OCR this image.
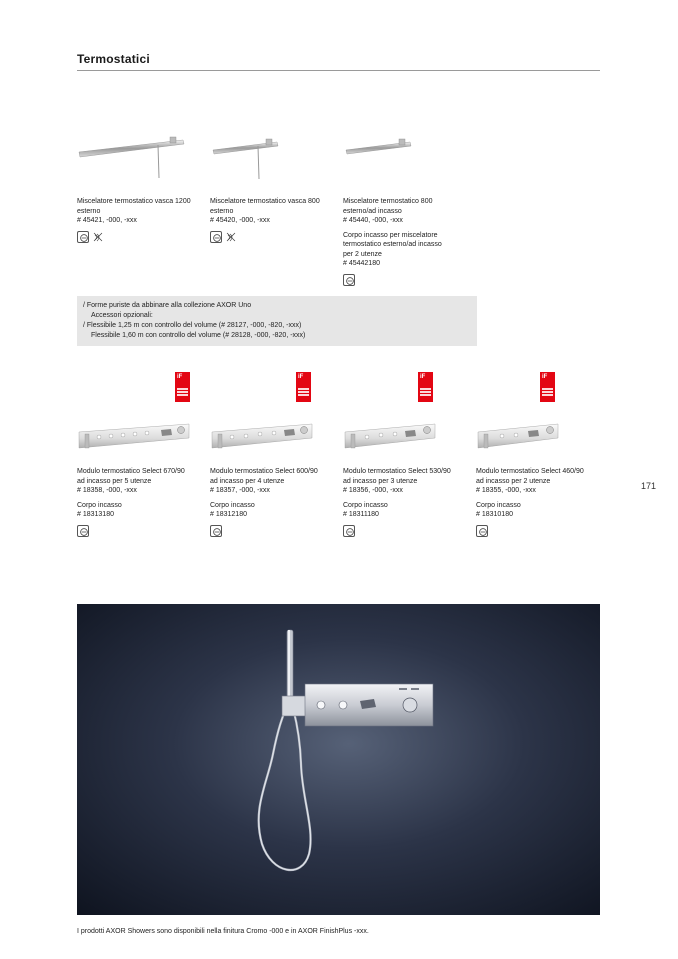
Termostatici
Miscelatore termostatico vasca 1200
esterno
# 45421, -000, -xxx
Miscelatore termostatico vasca 800
esterno
# 45420, -000, -xxx
Miscelatore termostatico 800
esterno/ad incasso
# 45440, -000, -xxx
Corpo incasso per miscelatore
termostatico esterno/ad incasso
per 2 utenze
# 45442180
/ Forme puriste da abbinare alla collezione AXOR Uno
Accessori opzionali:
/ Flessibile 1,25 m con controllo del volume (# 28127, -000, -820, -xxx)
Flessibile 1,60 m con controllo del volume (# 28128, -000, -820, -xxx)
iF	iF	iF	iF
Modulo termostatico Select 670/90
ad incasso per 5 utenze
# 18358, -000, -xxx
Corpo incasso
# 18313180
Modulo termostatico Select 600/90
ad incasso per 4 utenze
# 18357, -000, -xxx
Corpo incasso
# 18312180
Modulo termostatico Select 530/90
ad incasso per 3 utenze
# 18356, -000, -xxx
Corpo incasso
# 18311180
Modulo termostatico Select 460/90
ad incasso per 2 utenze
# 18355, -000, -xxx
Corpo incasso
# 18310180
171
I prodotti AXOR Showers sono disponibili nella finitura Cromo -000 e in AXOR FinishPlus -xxx.
